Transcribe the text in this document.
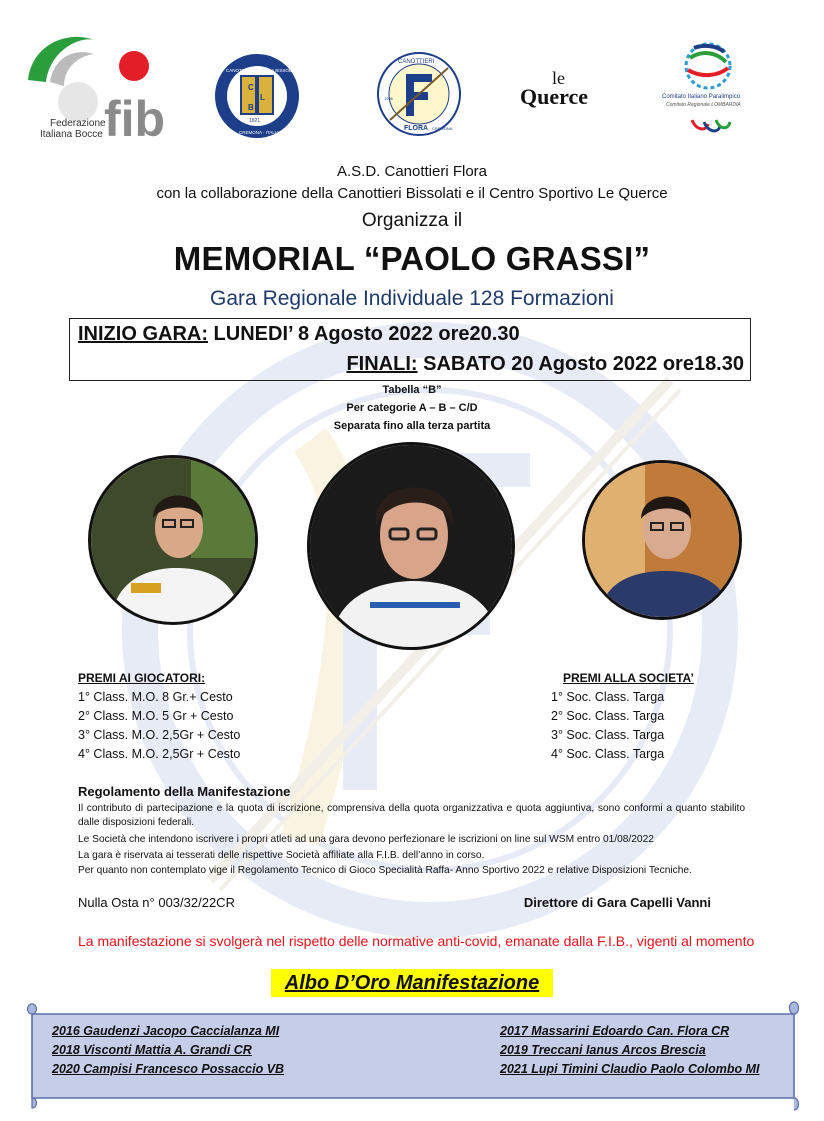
Federazione
Italiana Bocce fib
C
L
B
1921
CANOTTIERI LEONIDA BISSOLATI
CREMONA · ITALIA
CANOTTIERI
FLORA CREMONA
1906
le
Querce	Comitato Italiano Paralimpico
Comitato Regionale LOMBARDIA
A.S.D. Canottieri Flora
con la collaborazione della Canottieri Bissolati e il Centro Sportivo Le Querce
Organizza il
MEMORIAL “PAOLO GRASSI”
Gara Regionale Individuale 128 Formazioni
INIZIO GARA: LUNEDI’ 8 Agosto 2022 ore20.30
FINALI: SABATO 20 Agosto 2022 ore18.30
Tabella “B”
Per categorie A – B – C/D
Separata fino alla terza partita
PREMI AI GIOCATORI:
1° Class. M.O. 8 Gr.+ Cesto
2° Class. M.O. 5 Gr + Cesto
3° Class. M.O. 2,5Gr + Cesto
4° Class. M.O. 2,5Gr + Cesto
PREMI ALLA SOCIETA’
1° Soc. Class. Targa
2° Soc. Class. Targa
3° Soc. Class. Targa
4° Soc. Class. Targa
Regolamento della Manifestazione
Il contributo di partecipazione e la quota di iscrizione, comprensiva della quota organizzativa e quota aggiuntiva, sono conformi a quanto stabilito dalle disposizioni federali.
Le Società che intendono iscrivere i propri atleti ad una gara devono perfezionare le iscrizioni on line sul WSM entro 01/08/2022
La gara è riservata ai tesserati delle rispettive Società affiliate alla F.I.B. dell’anno in corso.
Per quanto non contemplato vige il Regolamento Tecnico di Gioco Specialità Raffa- Anno Sportivo 2022 e relative Disposizioni Tecniche.
Nulla Osta n° 003/32/22CR	Direttore di Gara Capelli Vanni
La manifestazione si svolgerà nel rispetto delle normative anti-covid, emanate dalla F.I.B., vigenti al momento
Albo D’Oro Manifestazione
2016 Gaudenzi Jacopo Caccialanza MI
2018 Visconti Mattia A. Grandi CR
2020 Campisi Francesco Possaccio VB
2017 Massarini Edoardo Can. Flora CR
2019 Treccani Ianus Arcos Brescia
2021 Lupi Timini Claudio Paolo Colombo MI
